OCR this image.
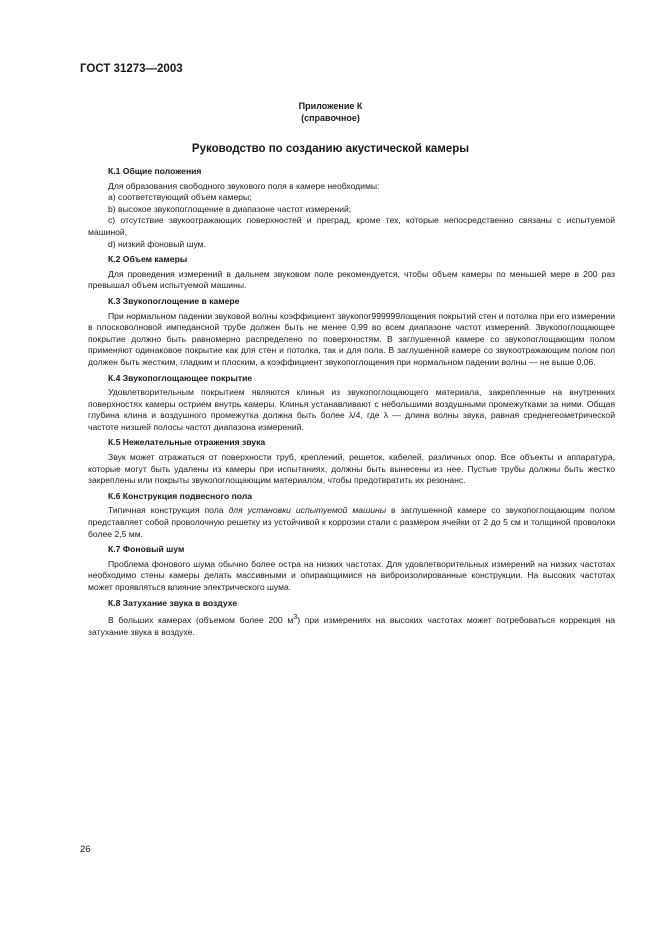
ГОСТ 31273—2003
Приложение К
(справочное)
Руководство по созданию акустической камеры
К.1 Общие положения

Для образования свободного звукового поля в камере необходимы:

a) соответствующий объем камеры;

b) высокое звукопоглощение в диапазоне частот измерений;

c) отсутствие звукоотражающих поверхностей и преград, кроме тех, которые непосредственно связаны с испытуемой машиной,

d) низкий фоновый шум.

К.2 Объем камеры

Для проведения измерений в дальнем звуковом поле рекомендуется, чтобы объем камеры по меньшей мере в 200 раз превышал объем испытуемой машины.

К.3 Звукопоглощение в камере

При нормальном падении звуковой волны коэффициент звукопог999999лощения покрытий стен и потолка при его измерении в плосковолновой импедансной трубе должен быть не менее 0,99 во всем диапазоне частот измерений. Звукопоглощающее покрытие должно быть равномерно распределено по поверхностям. В заглушенной камере со звукопоглощающим полом применяют одинаковое покрытие как для стен и потолка, так и для пола. В заглушенной камере со звукоотражающим полом пол должен быть жестким, гладким и плоским, а коэффициент звукопоглощения при нормальном падении волны — не выше 0,06.

К.4 Звукопоглощающее покрытие

Удовлетворительным покрытием являются клинья из звукопоглощающего материала, закрепленные на внутренних поверхностях камеры острием внутрь камеры. Клинья устанавливают с небольшими воздушными промежутками за ними. Общая глубина клина и воздушного промежутка должна быть более λ/4, где λ — длина волны звука, равная среднегеометрической частоте низшей полосы частот диапазона измерений.

К.5 Нежелательные отражения звука

Звук может отражаться от поверхности труб, креплений, решеток, кабелей, различных опор. Все объекты и аппаратура, которые могут быть удалены из камеры при испытаниях, должны быть вынесены из нее. Пустые трубы должны быть жестко закреплены или покрыты звукопоглощающим материалом, чтобы предотвратить их резонанс.

К.6 Конструкция подвесного пола

Типичная конструкция пола для установки испытуемой машины в заглушенной камере со звукопоглощающим полом представляет собой проволочную решетку из устойчивой к коррозии стали с размером ячейки от 2 до 5 см и толщиной проволоки более 2,5 мм.

К.7 Фоновый шум

Проблема фонового шума обычно более остра на низких частотах. Для удовлетворительных измерений на низких частотах необходимо стены камеры делать массивными и опирающимися на виброизолированные конструкции. На высоких частотах может проявляться влияние электрического шума.

К.8 Затухание звука в воздухе

В больших камерах (объемом более 200 $м^3$) при измерениях на высоких частотах может потребоваться коррекция на затухание звука в воздухе.

26
